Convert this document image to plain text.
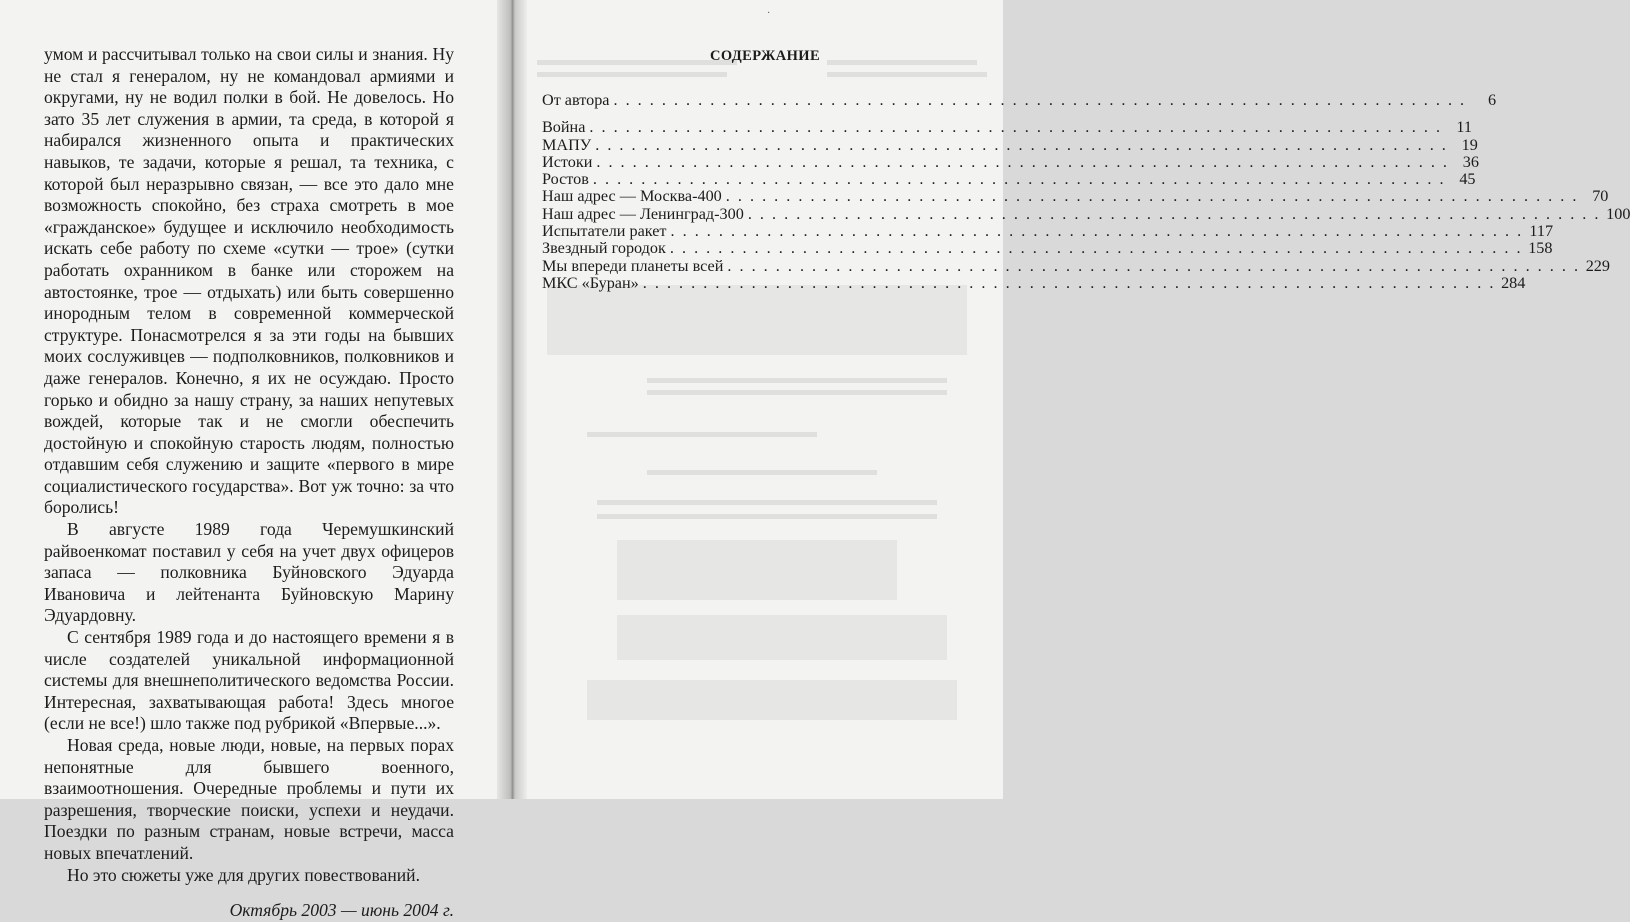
умом и рассчитывал только на свои силы и знания. Ну не стал я генералом, ну не командовал армиями и округами, ну не водил полки в бой. Не довелось. Но зато 35 лет служения в армии, та среда, в которой я набирался жизненного опыта и практических навыков, те задачи, которые я решал, та техника, с которой был неразрывно связан, — все это дало мне возможность спокойно, без страха смотреть в мое «гражданское» будущее и исключило необходимость искать себе работу по схеме «сутки — трое» (сутки работать охранником в банке или сторожем на автостоянке, трое — отдыхать) или быть совершенно инородным телом в современной коммерческой структуре. Понасмотрелся я за эти годы на бывших моих сослуживцев — подполковников, полковников и даже генералов. Конечно, я их не осуждаю. Просто горько и обидно за нашу страну, за наших непутевых вождей, которые так и не смогли обеспечить достойную и спокойную старость людям, полностью отдавшим себя служению и защите «первого в мире социалистического государства». Вот уж точно: за что боролись!

В августе 1989 года Черемушкинский райвоенкомат поставил у себя на учет двух офицеров запаса — полковника Буйновского Эдуарда Ивановича и лейтенанта Буйновскую Марину Эдуардовну.

С сентября 1989 года и до настоящего времени я в числе создателей уникальной информационной системы для внешнеполитического ведомства России. Интересная, захватывающая работа! Здесь многое (если не все!) шло также под рубрикой «Впервые...».

Новая среда, новые люди, новые, на первых порах непонятные для бывшего военного, взаимоотношения. Очередные проблемы и пути их разрешения, творческие поиски, успехи и неудачи. Поездки по разным странам, новые встречи, масса новых впечатлений.

Но это сюжеты уже для других повествований.

Октябрь 2003 — июнь 2004 г.

·
СОДЕРЖАНИЕ
От автора . . .	6
Война . . .	11
МАПУ . . .	19
Истоки . . .	36
Ростов . . .	45
Наш адрес — Москва-400 . . .	70
Наш адрес — Ленинград-300 . . .	100
Испытатели ракет . . .	117
Звездный городок . . .	158
Мы впереди планеты всей . . .	229
МКС «Буран» . . .	284
